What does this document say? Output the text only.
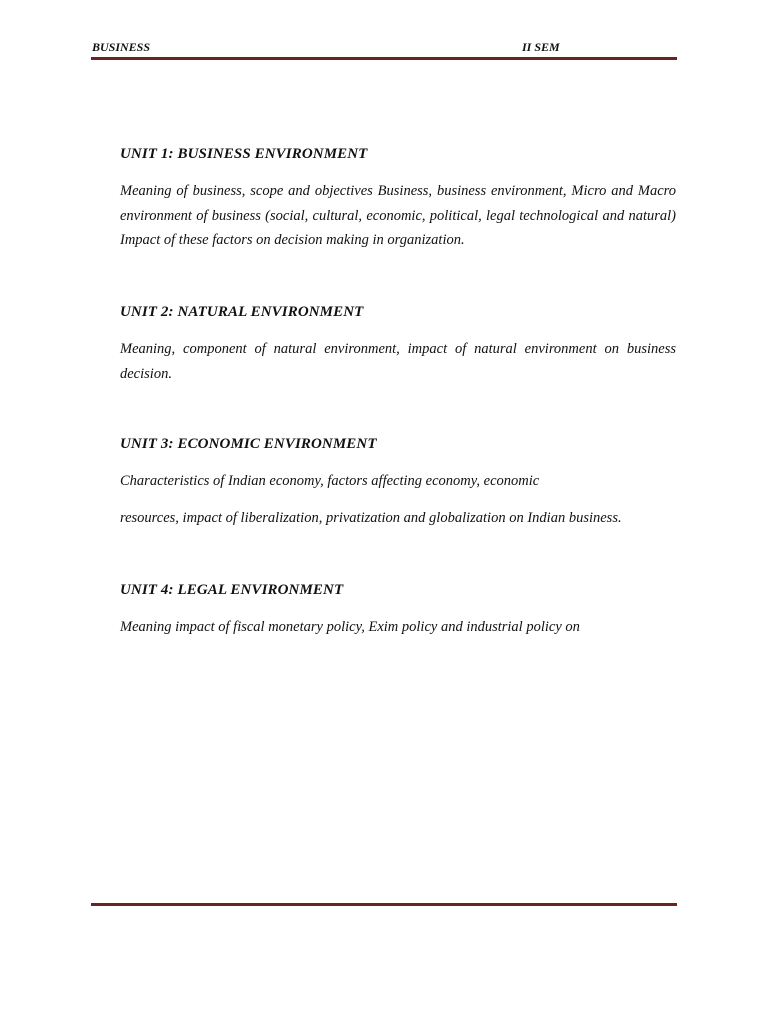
BUSINESS	II SEM
UNIT 1: BUSINESS ENVIRONMENT
Meaning of business, scope and objectives Business, business environment, Micro and Macro environment of business (social, cultural, economic, political, legal technological and natural) Impact of these factors on decision making in organization.
UNIT 2: NATURAL ENVIRONMENT
Meaning, component of natural environment, impact of natural environment on business decision.
UNIT 3: ECONOMIC ENVIRONMENT
Characteristics of Indian economy, factors affecting economy, economic
resources, impact of liberalization, privatization and globalization on Indian business.
UNIT 4: LEGAL ENVIRONMENT
Meaning impact of fiscal monetary policy, Exim policy and industrial policy on
